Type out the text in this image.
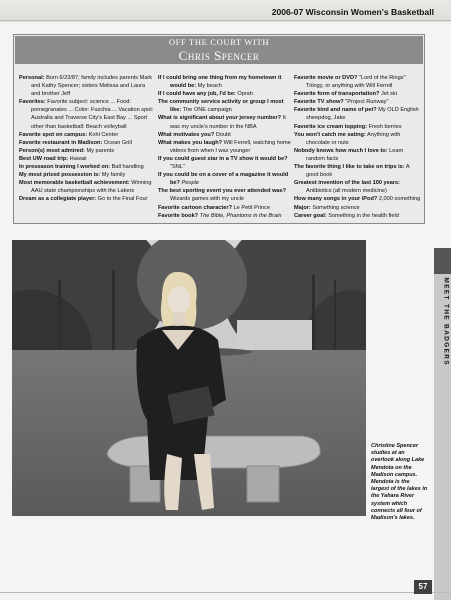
2006-07 Wisconsin Women's Basketball
OFF THE COURT WITH
Chris Spencer

Personal: Born 6/23/87; family includes parents Mark and Kathy Spencer; sisters Melissa and Laura and brother Jeff

Favorites: Favorite subject: science ... Food: pomegranates ... Color: Fuschia ... Vacation spot: Australia and Traverse City's East Bay ... Sport other than basketball: Beach volleyball

Favorite spot on campus: Kohl Center

Favorite restaurant in Madison: Ocean Grill

Person(s) most admired: My parents

Best UW road trip: Hawaii

In preseason training I worked on: Ball handling

My most prized possession is: My family

Most memorable basketball achievement: Winning AAU state championships with the Lakers

Dream as a collegiate player: Go to the Final Four

If I could bring one thing from my hometown it would be: My beach

If I could have any job, I'd be: Oprah

The community service activity or group I most like: The ONE campaign

What is significant about your jersey number? It was my uncle's number in the NBA

What motivates you? Doubt

What makes you laugh? Will Ferrell, watching home videos from when I was younger

If you could guest star in a TV show it would be? "SNL"

If you could be on a cover of a magazine it would be? People

The best sporting event you ever attended was? Wizards games with my uncle

Favorite cartoon character? Le Petit Prince

Favorite book? The Bible, Phantoms in the Brain

Favorite movie or DVD? "Lord of the Rings" Trilogy, or anything with Will Ferrell

Favorite form of transportation? Jet ski

Favorite TV show? "Project Runway"

Favorite kind and name of pet? My OLD English sheepdog, Jake

Favorite ice cream topping: Fresh berries

You won't catch me eating: Anything with chocolate or nuts

Nobody knows how much I love to: Learn random facts

The favorite thing I like to take on trips is: A good book

Greatest invention of the last 100 years: Antibiotics (all modern medicine)

How many songs in your iPod? 2,000 something

Major: Something science

Career goal: Something in the health field

MEET THE BADGERS
Christine Spencer studies at an overlook along Lake Mendota on the Madison campus. Mendota is the largest of the lakes in the Yahara River system which connects all four of Madison's lakes.
57
